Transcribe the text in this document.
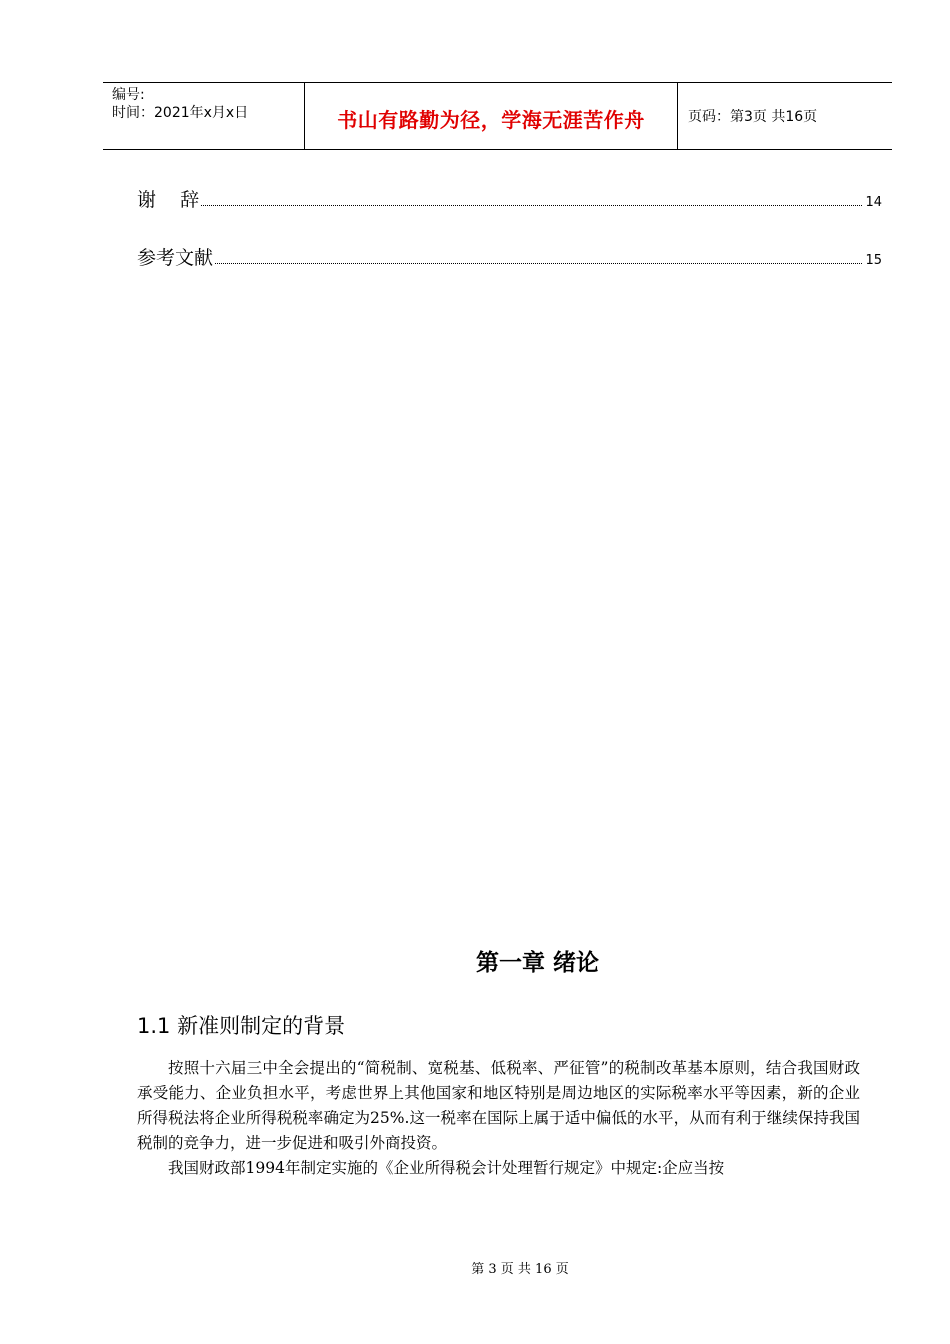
编号:
时间：2021年x月x日	书山有路勤为径，学海无涯苦作舟	页码：第3页 共16页
谢    辞	14
参考文献	15
第一章 绪论
1.1 新准则制定的背景

按照十六届三中全会提出的“简税制、宽税基、低税率、严征管”的税制改革基本原则，结合我国财政承受能力、企业负担水平，考虑世界上其他国家和地区特别是周边地区的实际税率水平等因素，新的企业所得税法将企业所得税税率确定为25%.这一税率在国际上属于适中偏低的水平，从而有利于继续保持我国税制的竞争力，进一步促进和吸引外商投资。

我国财政部1994年制定实施的《企业所得税会计处理暂行规定》中规定:企应当按

第 3 页 共 16 页
